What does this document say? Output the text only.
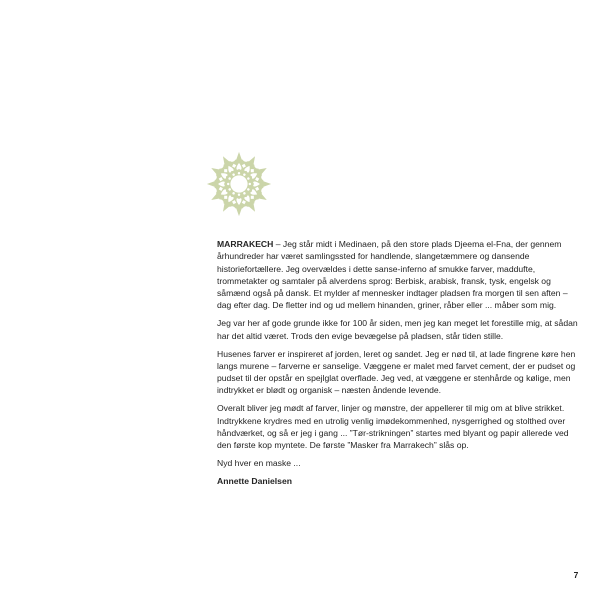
MARRAKECH – Jeg står midt i Medinaen, på den store plads Djeema el-Fna, der gennem århundreder har været samlingssted for handlende, slangetæmmere og dansende historiefortællere. Jeg overvældes i dette sanse-inferno af smukke farver, maddufte, trommetakter og samtaler på alverdens sprog: Berbisk, arabisk, fransk, tysk, engelsk og såmænd også på dansk. Et mylder af mennesker indtager pladsen fra morgen til sen aften – dag efter dag. De fletter ind og ud mellem hinanden, griner, råber eller ... måber som mig.

Jeg var her af gode grunde ikke for 100 år siden, men jeg kan meget let forestille mig, at sådan har det altid været. Trods den evige bevægelse på pladsen, står tiden stille.

Husenes farver er inspireret af jorden, leret og sandet. Jeg er nød til, at lade fingrene køre hen langs murene – farverne er sanselige. Væggene er malet med farvet cement, der er pudset og pudset til der opstår en spejlglat overflade. Jeg ved, at væggene er stenhårde og kølige, men indtrykket er blødt og organisk – næsten åndende levende.

Overalt bliver jeg mødt af farver, linjer og mønstre, der appellerer til mig om at blive strikket. Indtrykkene krydres med en utrolig venlig imødekommenhed, nysgerrighed og stolthed over håndværket, og så er jeg i gang ... ”Tør-strikningen” startes med blyant og papir allerede ved den første kop myntete. De første ”Masker fra Marrakech” slås op.

Nyd hver en maske ...

Annette Danielsen

7
